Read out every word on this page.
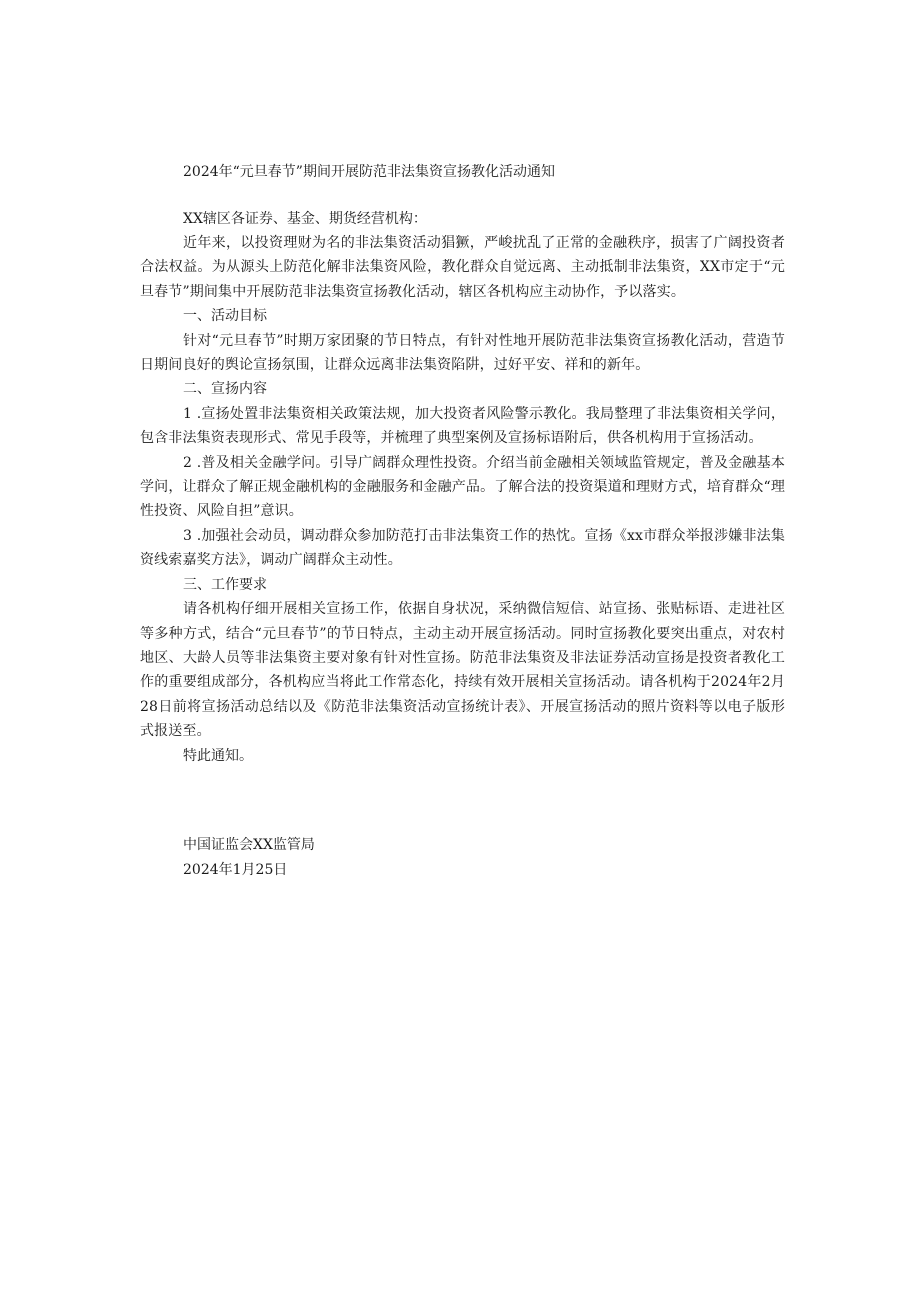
2024年“元旦春节”期间开展防范非法集资宣扬教化活动通知
XX辖区各证券、基金、期货经营机构：

近年来，以投资理财为名的非法集资活动猖獗，严峻扰乱了正常的金融秩序，损害了广阔投资者合法权益。为从源头上防范化解非法集资风险，教化群众自觉远离、主动抵制非法集资，XX市定于“元旦春节”期间集中开展防范非法集资宣扬教化活动，辖区各机构应主动协作，予以落实。

一、活动目标

针对“元旦春节”时期万家团聚的节日特点，有针对性地开展防范非法集资宣扬教化活动，营造节日期间良好的舆论宣扬氛围，让群众远离非法集资陷阱，过好平安、祥和的新年。

二、宣扬内容

1 .宣扬处置非法集资相关政策法规，加大投资者风险警示教化。我局整理了非法集资相关学问，包含非法集资表现形式、常见手段等，并梳理了典型案例及宣扬标语附后，供各机构用于宣扬活动。

2 .普及相关金融学问。引导广阔群众理性投资。介绍当前金融相关领域监管规定，普及金融基本学问，让群众了解正规金融机构的金融服务和金融产品。了解合法的投资渠道和理财方式，培育群众“理性投资、风险自担”意识。

3 .加强社会动员，调动群众参加防范打击非法集资工作的热忱。宣扬《xx市群众举报涉嫌非法集资线索嘉奖方法》，调动广阔群众主动性。

三、工作要求

请各机构仔细开展相关宣扬工作，依据自身状况，采纳微信短信、站宣扬、张贴标语、走进社区等多种方式，结合“元旦春节”的节日特点，主动主动开展宣扬活动。同时宣扬教化要突出重点，对农村地区、大龄人员等非法集资主要对象有针对性宣扬。防范非法集资及非法证券活动宣扬是投资者教化工作的重要组成部分，各机构应当将此工作常态化，持续有效开展相关宣扬活动。请各机构于2024年2月28日前将宣扬活动总结以及《防范非法集资活动宣扬统计表》、开展宣扬活动的照片资料等以电子版形式报送至。

特此通知。

中国证监会XX监管局
2024年1月25日
